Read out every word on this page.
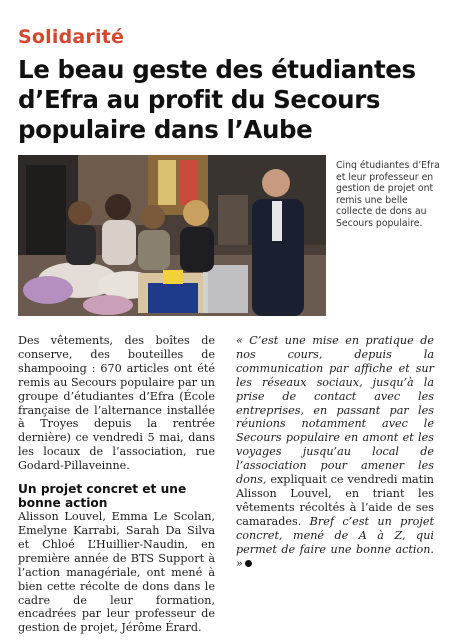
Solidarité
Le beau geste des étudiantes d’Efra au profit du Secours populaire dans l’Aube

Cinq étudiantes d’Efra et leur professeur en gestion de projet ont remis une belle collecte de dons au Secours populaire.

Des vêtements, des boîtes de conserve, des bouteilles de shampooing : 670 articles ont été remis au Secours populaire par un groupe d’étudiantes d’Efra (École française de l’alternance installée à Troyes depuis la rentrée dernière) ce vendredi 5 mai, dans les locaux de l’association, rue Godard-Pillaveinne.

Un projet concret et une bonne action

Alisson Louvel, Emma Le Scolan, Emelyne Karrabi, Sarah Da Silva et Chloé L’Huillier-Naudin, en première année de BTS Support à l’action managériale, ont mené à bien cette récolte de dons dans le cadre de leur formation, encadrées par leur professeur de gestion de projet, Jérôme Érard.

« C’est une mise en pratique de nos cours, depuis la communication par affiche et sur les réseaux sociaux, jusqu’à la prise de contact avec les entreprises, en passant par les réunions notamment avec le Secours populaire en amont et les voyages jusqu’au local de l’association pour amener les dons, expliquait ce vendredi matin Alisson Louvel, en triant les vêtements récoltés à l’aide de ses camarades. Bref c’est un projet concret, mené de A à Z, qui permet de faire une bonne action. »
